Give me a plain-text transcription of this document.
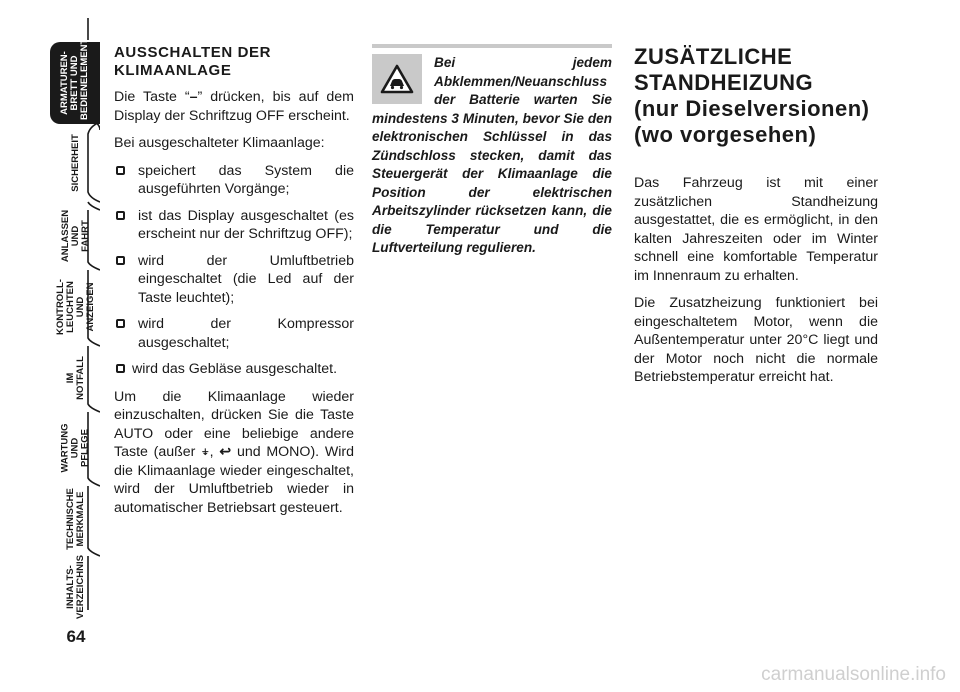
ARMATUREN-
BRETT UND
BEDIENELEMENTE
SICHERHEIT
ANLASSEN
UND FAHRT
KONTROLL-
LEUCHTEN
UND ANZEIGEN
IM NOTFALL
WARTUNG
UND PFLEGE
TECHNISCHE
MERKMALE
INHALTS-
VERZEICHNIS
64
AUSSCHALTEN DER KLIMAANLAGE

Die Taste “–” drücken, bis auf dem Display der Schriftzug OFF erscheint.

Bei ausgeschalteter Klimaanlage:

speichert das System die ausgeführten Vorgänge;
ist das Display ausgeschaltet (es erscheint nur der Schriftzug OFF);
wird der Umluftbetrieb eingeschaltet (die Led auf der Taste leuchtet);
wird der Kompressor ausgeschaltet;
wird das Gebläse ausgeschaltet.

Um die Klimaanlage wieder einzuschalten, drücken Sie die Taste AUTO oder eine beliebige andere Taste (außer ⍖, ↩ und MONO). Wird die Klimaanlage wieder eingeschaltet, wird der Umluftbetrieb wieder in automatischer Betriebsart gesteuert.

Bei jedem Abklemmen/Neuanschluss der Batterie warten Sie mindestens 3 Minuten, bevor Sie den elektronischen Schlüssel in das Zündschloss stecken, damit das Steuergerät der Klimaanlage die Position der elektrischen Arbeitszylinder rücksetzen kann, die die Temperatur und die Luftverteilung regulieren.

ZUSÄTZLICHE
STANDHEIZUNG
(nur Dieselversionen)
(wo vorgesehen)

Das Fahrzeug ist mit einer zusätzlichen Standheizung ausgestattet, die es ermöglicht, in den kalten Jahreszeiten oder im Winter schnell eine komfortable Temperatur im Innenraum zu erhalten.

Die Zusatzheizung funktioniert bei eingeschaltetem Motor, wenn die Außentemperatur unter 20°C liegt und der Motor noch nicht die normale Betriebstemperatur erreicht hat.

carmanualsonline.info
